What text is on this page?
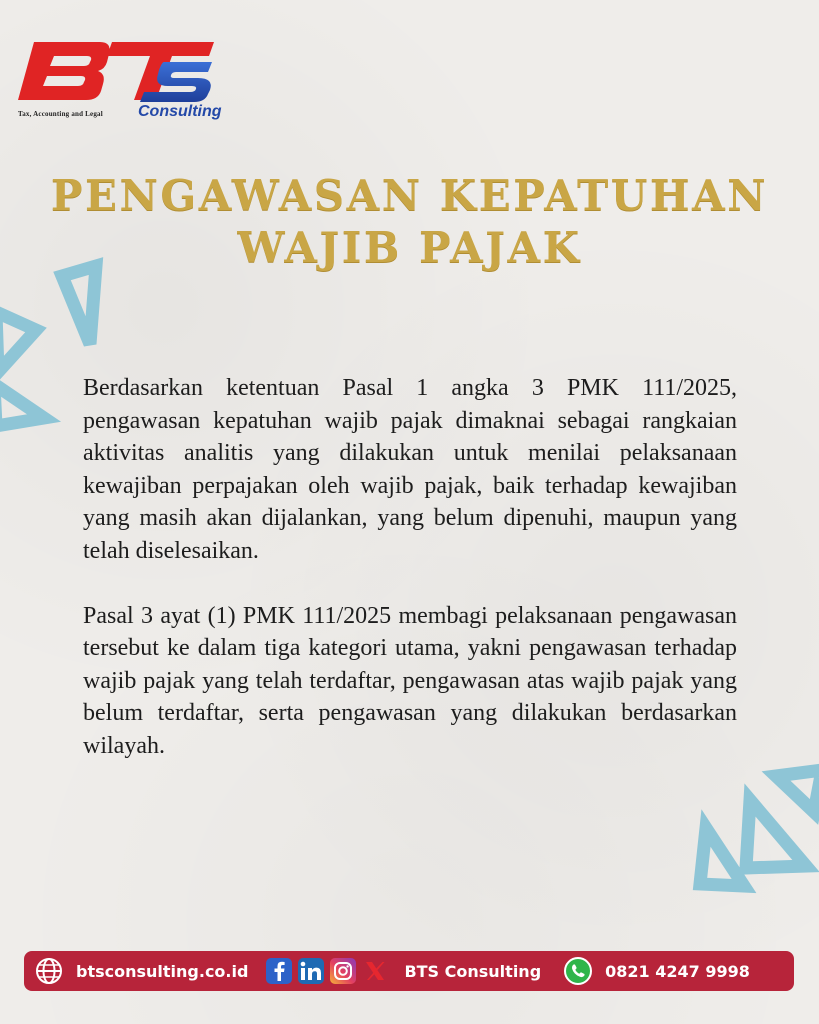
Tax, Accounting and Legal Consulting
PENGAWASAN KEPATUHAN
WAJIB PAJAK

Berdasarkan ketentuan Pasal 1 angka 3 PMK 111/2025, pengawasan kepatuhan wajib pajak dimaknai sebagai rangkaian aktivitas analitis yang dilakukan untuk menilai pelaksanaan kewajiban perpajakan oleh wajib pajak, baik terhadap kewajiban yang masih akan dijalankan, yang belum dipenuhi, maupun yang telah diselesaikan.

Pasal 3 ayat (1) PMK 111/2025 membagi pelaksanaan pengawasan tersebut ke dalam tiga kategori utama, yakni pengawasan terhadap wajib pajak yang telah terdaftar, pengawasan atas wajib pajak yang belum terdaftar, serta pengawasan yang dilakukan berdasarkan wilayah.

btsconsulting.co.id	BTS Consulting	0821 4247 9998
